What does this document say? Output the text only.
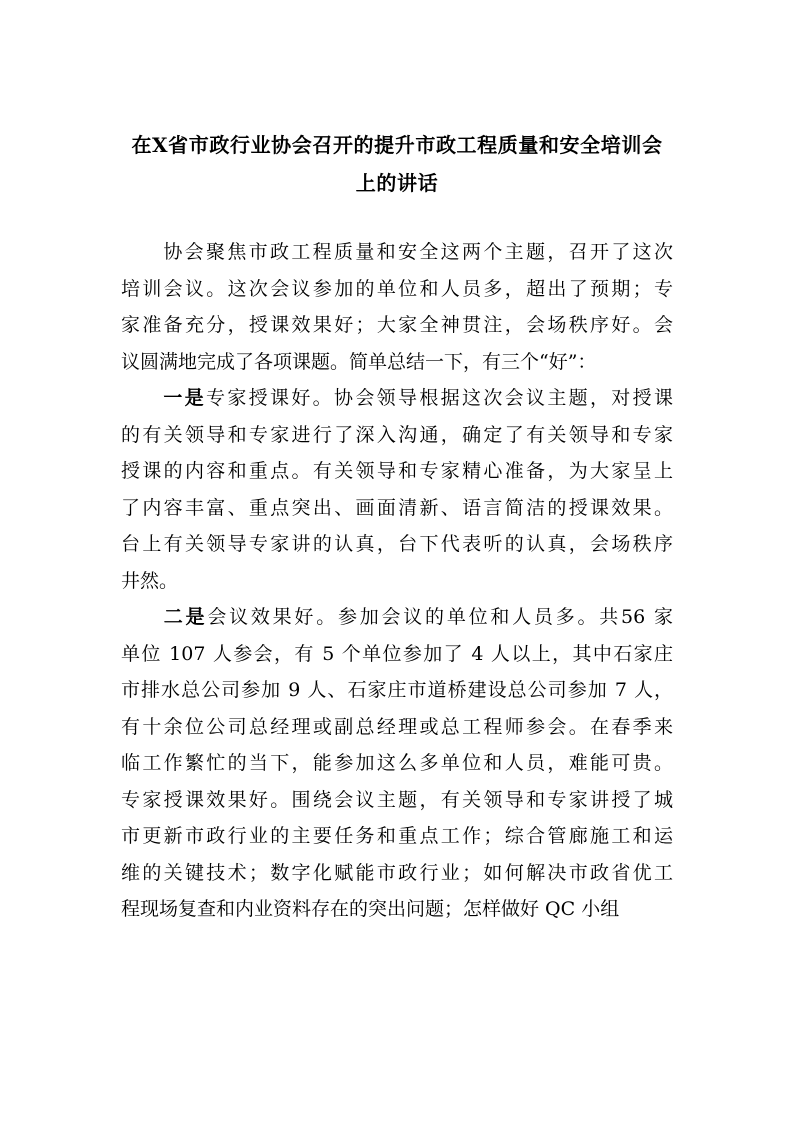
在X省市政行业协会召开的提升市政工程质量和安全培训会
上的讲话
协会聚焦市政工程质量和安全这两个主题，召开了这次
培训会议。这次会议参加的单位和人员多，超出了预期；专
家准备充分，授课效果好；大家全神贯注，会场秩序好。会
议圆满地完成了各项课题。简单总结一下，有三个“好”：
一是专家授课好。协会领导根据这次会议主题，对授课
的有关领导和专家进行了深入沟通，确定了有关领导和专家
授课的内容和重点。有关领导和专家精心准备，为大家呈上
了内容丰富、重点突出、画面清新、语言简洁的授课效果。
台上有关领导专家讲的认真，台下代表听的认真，会场秩序
井然。
二是会议效果好。参加会议的单位和人员多。共56 家
单位 107 人参会，有 5 个单位参加了 4 人以上，其中石家庄
市排水总公司参加 9 人、石家庄市道桥建设总公司参加 7 人，
有十余位公司总经理或副总经理或总工程师参会。在春季来
临工作繁忙的当下，能参加这么多单位和人员，难能可贵。
专家授课效果好。围绕会议主题，有关领导和专家讲授了城
市更新市政行业的主要任务和重点工作；综合管廊施工和运
维的关键技术；数字化赋能市政行业；如何解决市政省优工
程现场复查和内业资料存在的突出问题；怎样做好 QC 小组
